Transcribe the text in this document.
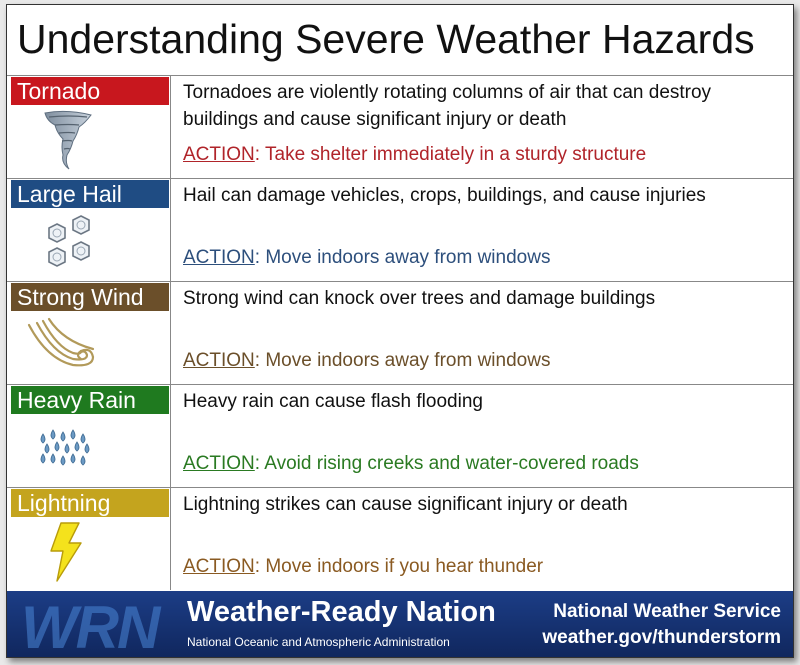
Understanding Severe Weather Hazards
Tornado	Tornadoes are violently rotating columns of air that can destroy buildings and cause significant injury or death
ACTION: Take shelter immediately in a sturdy structure
Large Hail	Hail can damage vehicles, crops, buildings, and cause injuries
ACTION: Move indoors away from windows
Strong Wind	Strong wind can knock over trees and damage buildings
ACTION: Move indoors away from windows
Heavy Rain	Heavy rain can cause flash flooding
ACTION: Avoid rising creeks and water-covered roads
Lightning	Lightning strikes can cause significant injury or death
ACTION: Move indoors if you hear thunder
WRN Weather-Ready Nation
National Oceanic and Atmospheric Administration
National Weather Service
weather.gov/thunderstorm
